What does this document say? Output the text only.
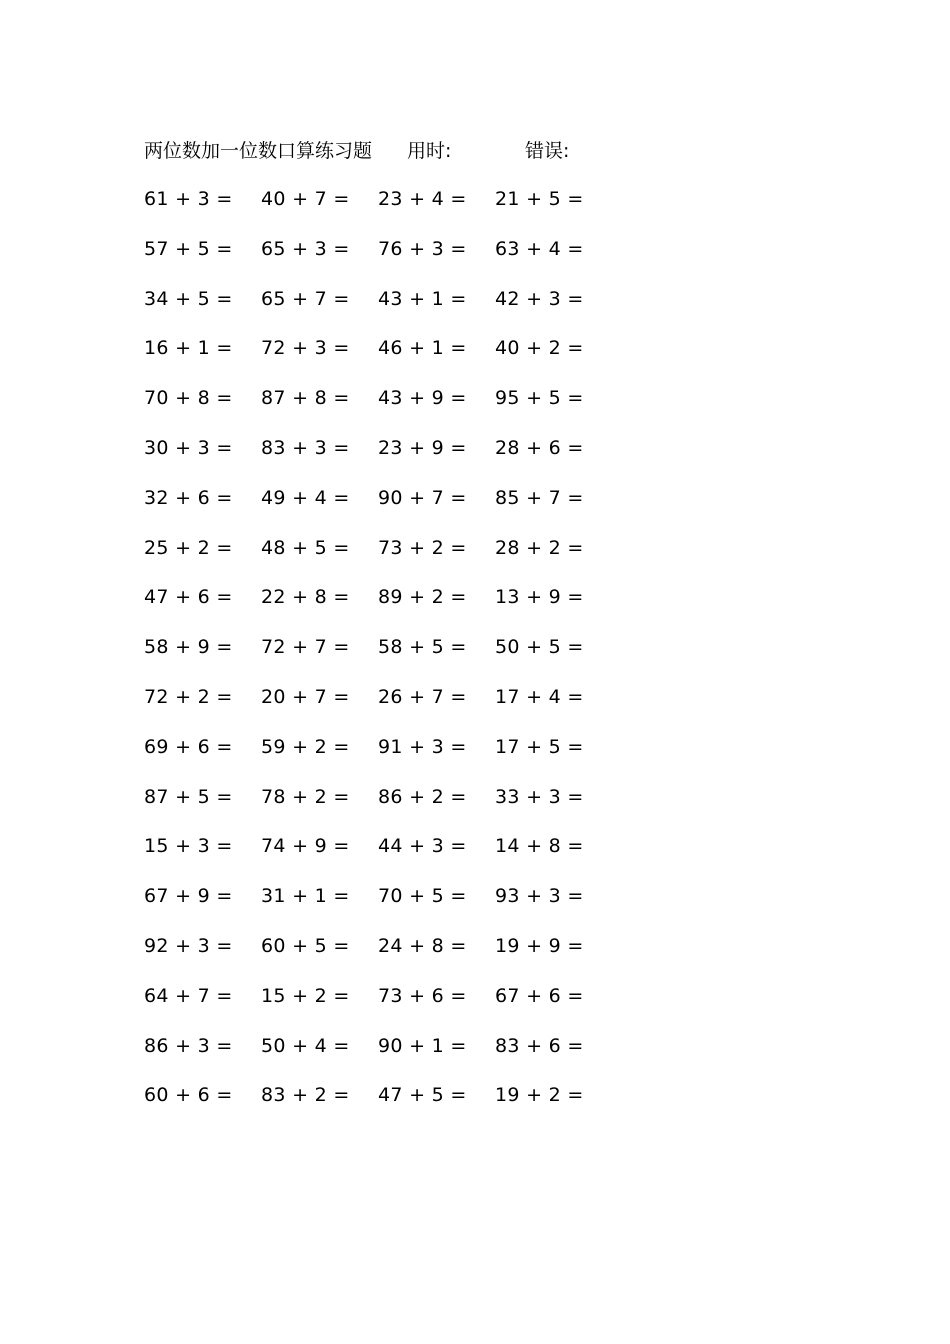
两位数加一位数口算练习题 用时:	错误:
61 + 3 = 40 + 7 = 23 + 4 = 21 + 5 =
57 + 5 = 65 + 3 = 76 + 3 = 63 + 4 =
34 + 5 = 65 + 7 = 43 + 1 = 42 + 3 =
16 + 1 = 72 + 3 = 46 + 1 = 40 + 2 =
70 + 8 = 87 + 8 = 43 + 9 = 95 + 5 =
30 + 3 = 83 + 3 = 23 + 9 = 28 + 6 =
32 + 6 = 49 + 4 = 90 + 7 = 85 + 7 =
25 + 2 = 48 + 5 = 73 + 2 = 28 + 2 =
47 + 6 = 22 + 8 = 89 + 2 = 13 + 9 =
58 + 9 = 72 + 7 = 58 + 5 = 50 + 5 =
72 + 2 = 20 + 7 = 26 + 7 = 17 + 4 =
69 + 6 = 59 + 2 = 91 + 3 = 17 + 5 =
87 + 5 = 78 + 2 = 86 + 2 = 33 + 3 =
15 + 3 = 74 + 9 = 44 + 3 = 14 + 8 =
67 + 9 = 31 + 1 = 70 + 5 = 93 + 3 =
92 + 3 = 60 + 5 = 24 + 8 = 19 + 9 =
64 + 7 = 15 + 2 = 73 + 6 = 67 + 6 =
86 + 3 = 50 + 4 = 90 + 1 = 83 + 6 =
60 + 6 = 83 + 2 = 47 + 5 = 19 + 2 =
